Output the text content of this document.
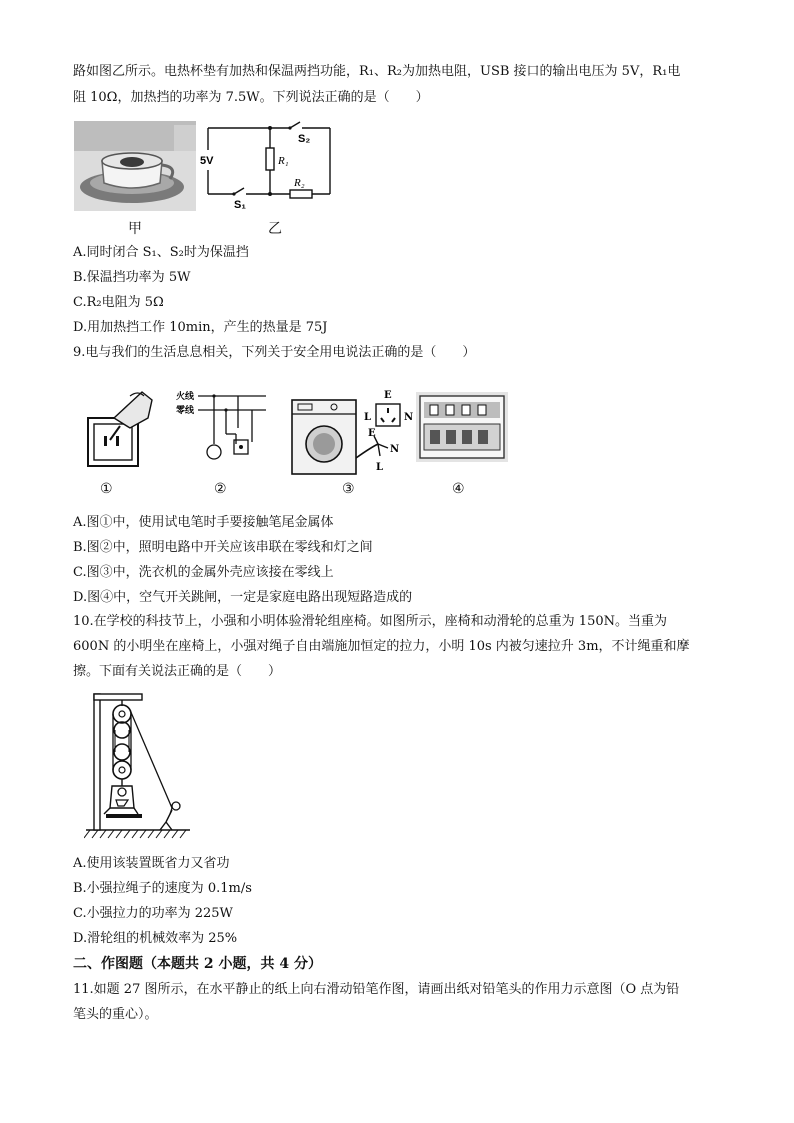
路如图乙所示。电热杯垫有加热和保温两挡功能，R₁、R₂为加热电阻，USB 接口的输出电压为 5V，R₁电
阻 10Ω，加热挡的功率为 7.5W。下列说法正确的是（　　）
甲
5V
S₂
R₁
R₂
S₁
乙
A.同时闭合 S₁、S₂时为保温挡
B.保温挡功率为 5W
C.R₂电阻为 5Ω
D.用加热挡工作 10min，产生的热量是 75J
9.电与我们的生活息息相关，下列关于安全用电说法正确的是（　　）
①
火线
零线
②
E
L	N
E
N
L
③	④
A.图①中，使用试电笔时手要接触笔尾金属体
B.图②中，照明电路中开关应该串联在零线和灯之间
C.图③中，洗衣机的金属外壳应该接在零线上
D.图④中，空气开关跳闸，一定是家庭电路出现短路造成的
10.在学校的科技节上，小强和小明体验滑轮组座椅。如图所示，座椅和动滑轮的总重为 150N。当重为
600N 的小明坐在座椅上，小强对绳子自由端施加恒定的拉力，小明 10s 内被匀速拉升 3m，不计绳重和摩
擦。下面有关说法正确的是（　　）
A.使用该装置既省力又省功
B.小强拉绳子的速度为 0.1m/s
C.小强拉力的功率为 225W
D.滑轮组的机械效率为 25%
二、作图题（本题共 2 小题，共 4 分）
11.如题 27 图所示，在水平静止的纸上向右滑动铅笔作图，请画出纸对铅笔头的作用力示意图（O 点为铅
笔头的重心）。
